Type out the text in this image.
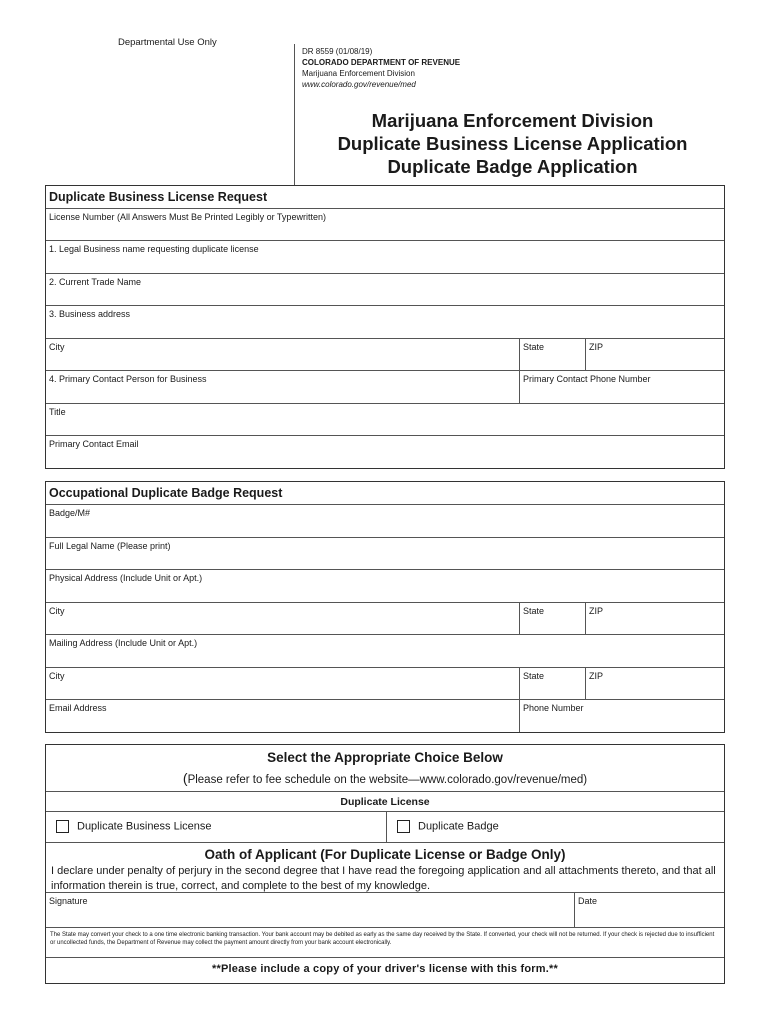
Departmental Use Only
DR 8559 (01/08/19)
COLORADO DEPARTMENT OF REVENUE
Marijuana Enforcement Division
www.colorado.gov/revenue/med
Marijuana Enforcement Division
Duplicate Business License Application
Duplicate Badge Application
Duplicate Business License Request
License Number (All Answers Must Be Printed Legibly or Typewritten)
1. Legal Business name requesting duplicate license
2. Current Trade Name
3. Business address
City	State	ZIP
4. Primary Contact Person for Business	Primary Contact Phone Number
Title
Primary Contact Email
Occupational Duplicate Badge Request
Badge/M#
Full Legal Name (Please print)
Physical Address (Include Unit or Apt.)
City	State	ZIP
Mailing Address (Include Unit or Apt.)
City	State	ZIP
Email Address	Phone Number
Select the Appropriate Choice Below
(Please refer to fee schedule on the website—www.colorado.gov/revenue/med)
Duplicate License
Duplicate Business License	Duplicate Badge
Oath of Applicant (For Duplicate License or Badge Only)
I declare under penalty of perjury in the second degree that I have read the foregoing application and all attachments thereto, and that all information therein is true, correct, and complete to the best of my knowledge.
Signature	Date
The State may convert your check to a one time electronic banking transaction. Your bank account may be debited as early as the same day received by the State. If converted, your check will not be returned. If your check is rejected due to insufficient or uncollected funds, the Department of Revenue may collect the payment amount directly from your bank account electronically.
**Please include a copy of your driver's license with this form.**
